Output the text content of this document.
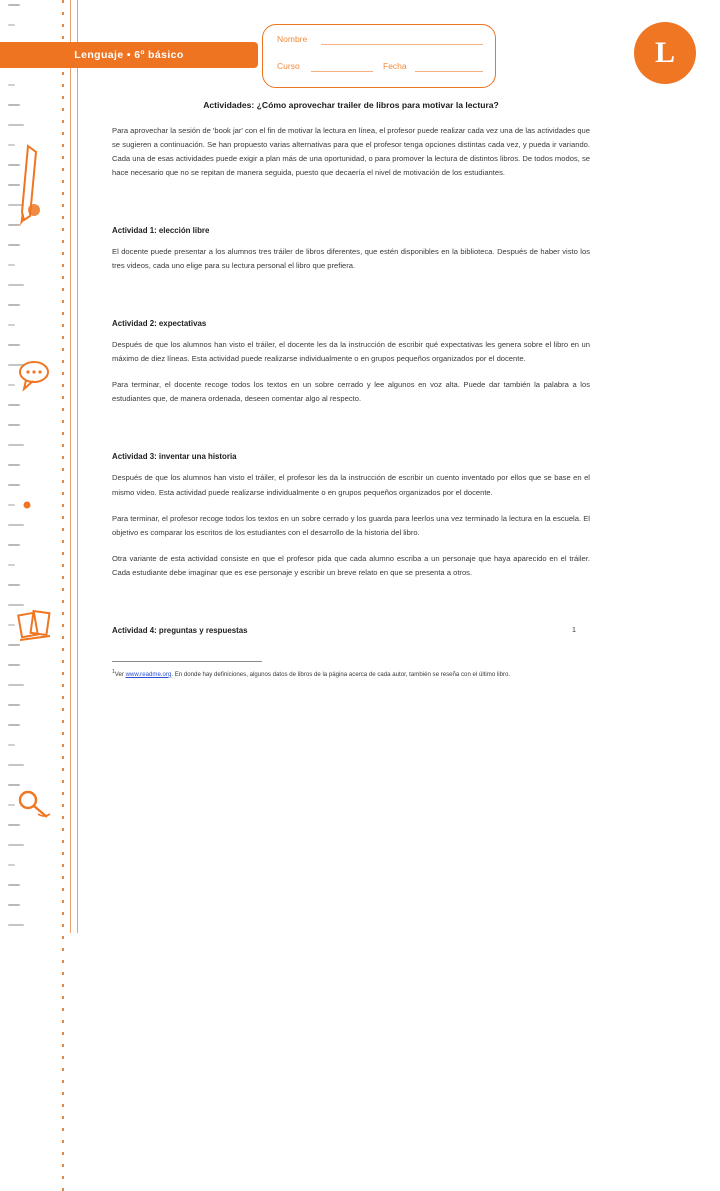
Lenguaje • 6º básico
Nombre
Curso	Fecha	L
Actividades: ¿Cómo aprovechar trailer de libros para motivar la lectura?

Para aprovechar la sesión de 'book jar' con el fin de motivar la lectura en línea, el profesor puede realizar cada vez una de las actividades que se sugieren a continuación. Se han propuesto varias alternativas para que el profesor tenga opciones distintas cada vez, y pueda ir variando. Cada una de esas actividades puede exigir a plan más de una oportunidad, o para promover la lectura de distintos libros. De todos modos, se hace necesario que no se repitan de manera seguida, puesto que decaería el nivel de motivación de los estudiantes.

Actividad 1: elección libre

El docente puede presentar a los alumnos tres tráiler de libros diferentes, que estén disponibles en la biblioteca. Después de haber visto los tres videos, cada uno elige para su lectura personal el libro que prefiera.

Actividad 2: expectativas

Después de que los alumnos han visto el tráiler, el docente les da la instrucción de escribir qué expectativas les genera sobre el libro en un máximo de diez líneas. Esta actividad puede realizarse individualmente o en grupos pequeños organizados por el docente.

Para terminar, el docente recoge todos los textos en un sobre cerrado y lee algunos en voz alta. Puede dar también la palabra a los estudiantes que, de manera ordenada, deseen comentar algo al respecto.

Actividad 3: inventar una historia

Después de que los alumnos han visto el tráiler, el profesor les da la instrucción de escribir un cuento inventado por ellos que se base en el mismo video. Esta actividad puede realizarse individualmente o en grupos pequeños organizados por el docente.

Para terminar, el profesor recoge todos los textos en un sobre cerrado y los guarda para leerlos una vez terminado la lectura en la escuela. El objetivo es comparar los escritos de los estudiantes con el desarrollo de la historia del libro.

Otra variante de esta actividad consiste en que el profesor pida que cada alumno escriba a un personaje que haya aparecido en el tráiler. Cada estudiante debe imaginar que es ese personaje y escribir un breve relato en que se presenta a otros.

Actividad 4: preguntas y respuestas

$^1$Ver www.readme.org. En donde hay definiciones, algunos datos de libros de la página acerca de cada autor, también se reseña con el último libro.

1
